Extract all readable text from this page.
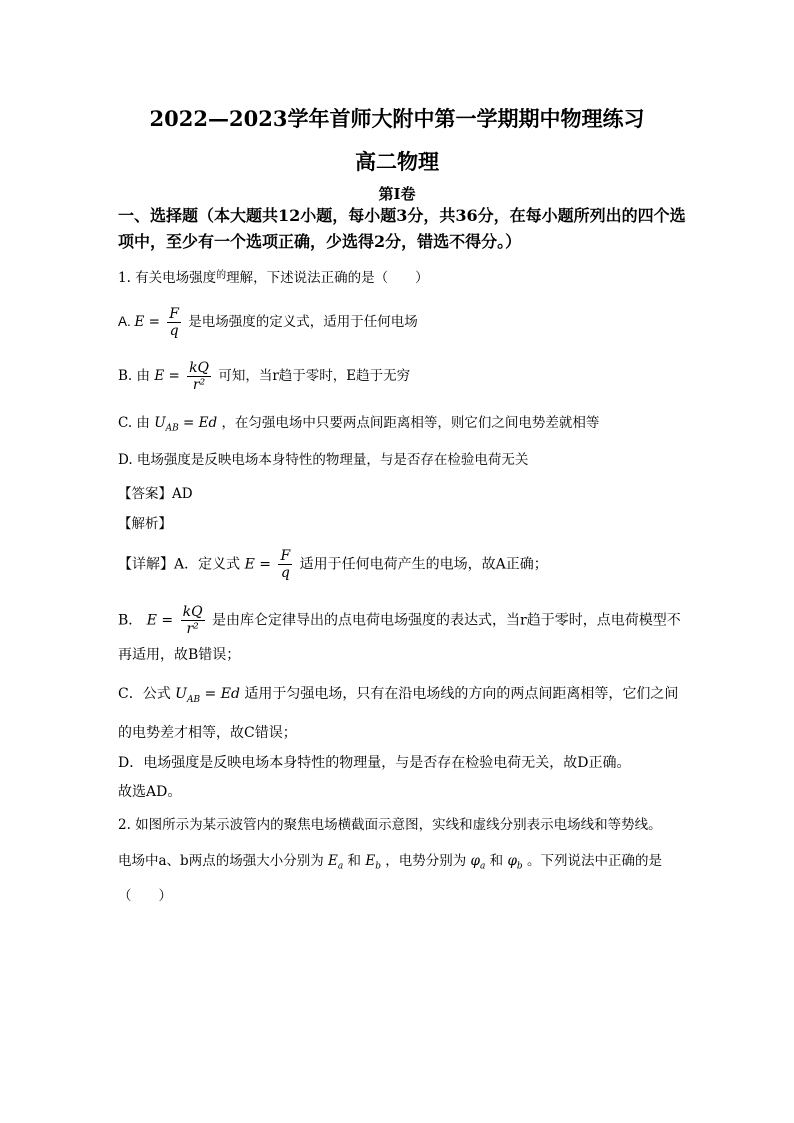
2022—2023学年首师大附中第一学期期中物理练习
高二物理
第I卷
一、选择题（本大题共12小题，每小题3分，共36分，在每小题所列出的四个选项中，至少有一个选项正确，少选得2分，错选不得分。）
1. 有关电场强度$^的$理解，下述说法正确的是（　　）
A. $E = \frac{F}{q}$ 是电场强度的定义式，适用于任何电场
B. 由 $E = \frac{kQ}{\text{r²}}$ 可知，当r趋于零时，E趋于无穷
C. 由 $U_{AB} = Ed$ ，在匀强电场中只要两点间距离相等，则它们之间电势差就相等
D. 电场强度是反映电场本身特性的物理量，与是否存在检验电荷无关
【答案】AD
【解析】
【详解】A．定义式 $E = \frac{F}{q}$ 适用于任何电荷产生的电场，故A正确；
B． $E = \frac{kQ}{\text{r²}}$ 是由库仑定律导出的点电荷电场强度的表达式，当r趋于零时，点电荷模型不
再适用，故B错误；
C．公式 $U_{AB} = Ed$ 适用于匀强电场，只有在沿电场线的方向的两点间距离相等，它们之间
的电势差才相等，故C错误；
D．电场强度是反映电场本身特性的物理量，与是否存在检验电荷无关，故D正确。
故选AD。
2. 如图所示为某示波管内的聚焦电场横截面示意图，实线和虚线分别表示电场线和等势线。
电场中a、b两点的场强大小分别为 $E_a$ 和 $E_b$ ，电势分别为 $\varphi_a$ 和 $\varphi_b$ 。下列说法中正确的是
（　　）
